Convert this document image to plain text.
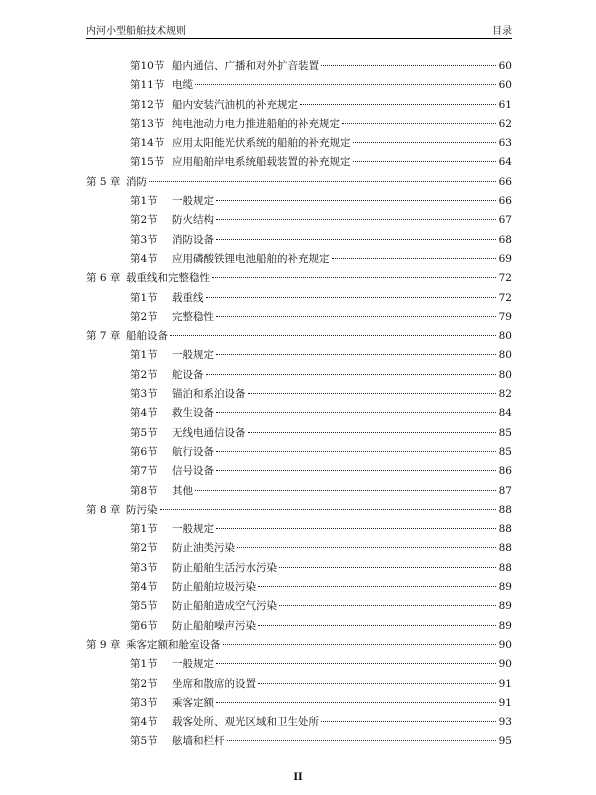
内河小型船舶技术规则	目录
第10节 船内通信、广播和对外扩音装置	60
第11节 电缆	60
第12节 船内安装汽油机的补充规定	61
第13节 纯电池动力电力推进船舶的补充规定	62
第14节 应用太阳能光伏系统的船舶的补充规定	63
第15节 应用船舶岸电系统船载装置的补充规定	64
第 5 章 消防	66
第1节	一般规定	66
第2节	防火结构	67
第3节	消防设备	68
第4节	应用磷酸铁锂电池船舶的补充规定	69
第 6 章 载重线和完整稳性	72
第1节	载重线	72
第2节	完整稳性	79
第 7 章 船舶设备	80
第1节	一般规定	80
第2节	舵设备	80
第3节	锚泊和系泊设备	82
第4节	救生设备	84
第5节	无线电通信设备	85
第6节	航行设备	85
第7节	信号设备	86
第8节	其他	87
第 8 章 防污染	88
第1节	一般规定	88
第2节	防止油类污染	88
第3节	防止船舶生活污水污染	88
第4节	防止船舶垃圾污染	89
第5节	防止船舶造成空气污染	89
第6节	防止船舶噪声污染	89
第 9 章 乘客定额和舱室设备	90
第1节	一般规定	90
第2节	坐席和散席的设置	91
第3节	乘客定额	91
第4节	载客处所、观光区域和卫生处所	93
第5节	舷墙和栏杆	95
II
